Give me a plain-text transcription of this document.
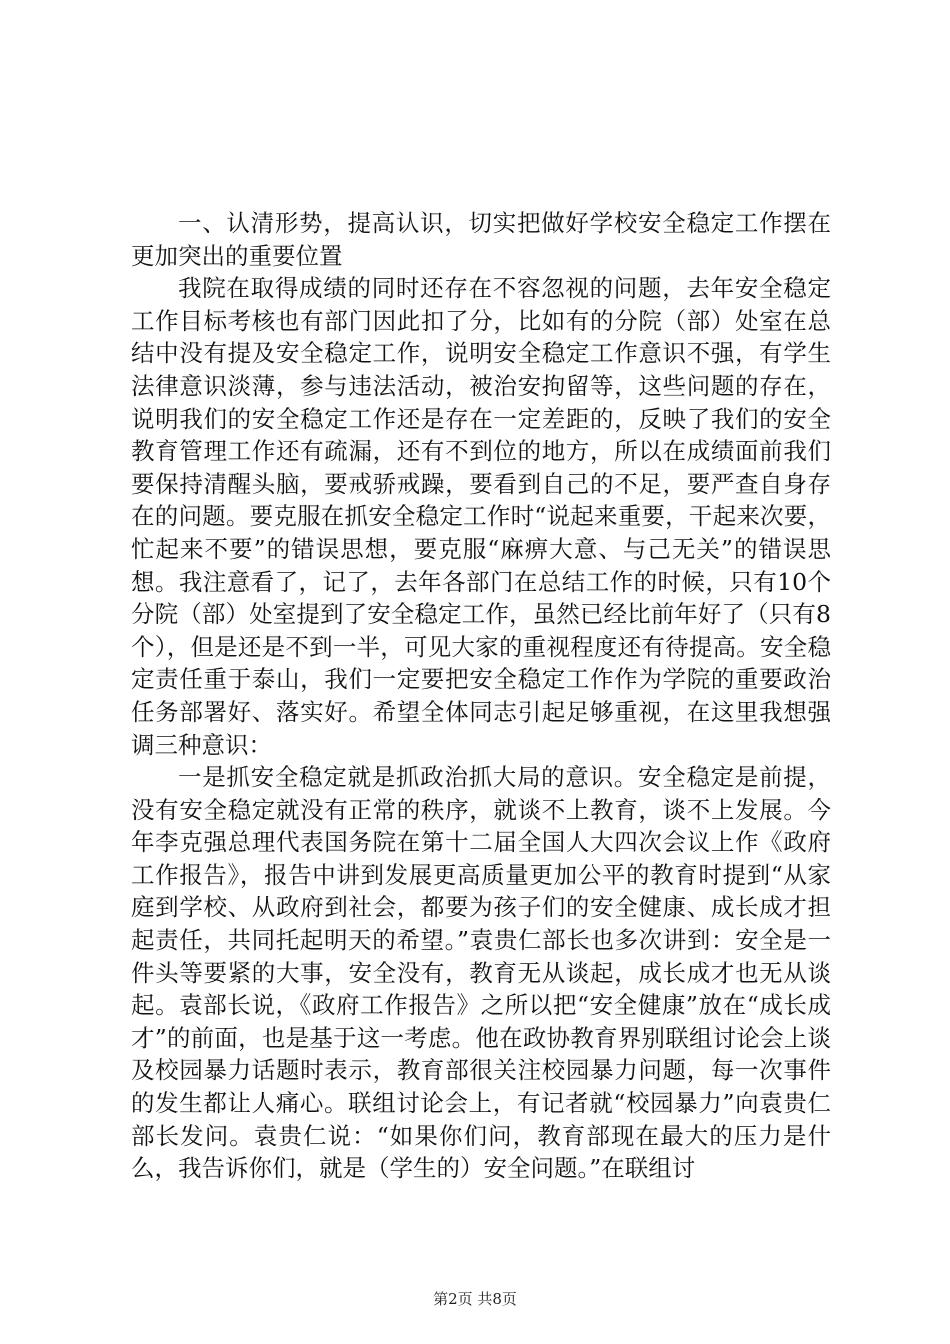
一、认清形势，提高认识，切实把做好学校安全稳定工作摆在更加突出的重要位置

我院在取得成绩的同时还存在不容忽视的问题，去年安全稳定工作目标考核也有部门因此扣了分，比如有的分院（部）处室在总结中没有提及安全稳定工作，说明安全稳定工作意识不强，有学生法律意识淡薄，参与违法活动，被治安拘留等，这些问题的存在，说明我们的安全稳定工作还是存在一定差距的，反映了我们的安全教育管理工作还有疏漏，还有不到位的地方，所以在成绩面前我们要保持清醒头脑，要戒骄戒躁，要看到自己的不足，要严查自身存在的问题。要克服在抓安全稳定工作时“说起来重要，干起来次要，忙起来不要”的错误思想，要克服“麻痹大意、与己无关”的错误思想。我注意看了，记了，去年各部门在总结工作的时候，只有10个分院（部）处室提到了安全稳定工作，虽然已经比前年好了（只有8个），但是还是不到一半，可见大家的重视程度还有待提高。安全稳定责任重于泰山，我们一定要把安全稳定工作作为学院的重要政治任务部署好、落实好。希望全体同志引起足够重视，在这里我想强调三种意识：

一是抓安全稳定就是抓政治抓大局的意识。安全稳定是前提，没有安全稳定就没有正常的秩序，就谈不上教育，谈不上发展。今年李克强总理代表国务院在第十二届全国人大四次会议上作《政府工作报告》，报告中讲到发展更高质量更加公平的教育时提到“从家庭到学校、从政府到社会，都要为孩子们的安全健康、成长成才担起责任，共同托起明天的希望。”袁贵仁部长也多次讲到：安全是一件头等要紧的大事，安全没有，教育无从谈起，成长成才也无从谈起。袁部长说，《政府工作报告》之所以把“安全健康”放在“成长成才”的前面，也是基于这一考虑。他在政协教育界别联组讨论会上谈及校园暴力话题时表示，教育部很关注校园暴力问题，每一次事件的发生都让人痛心。联组讨论会上，有记者就“校园暴力”向袁贵仁部长发问。袁贵仁说：“如果你们问，教育部现在最大的压力是什么，我告诉你们，就是（学生的）安全问题。”在联组讨

第2页 共8页
